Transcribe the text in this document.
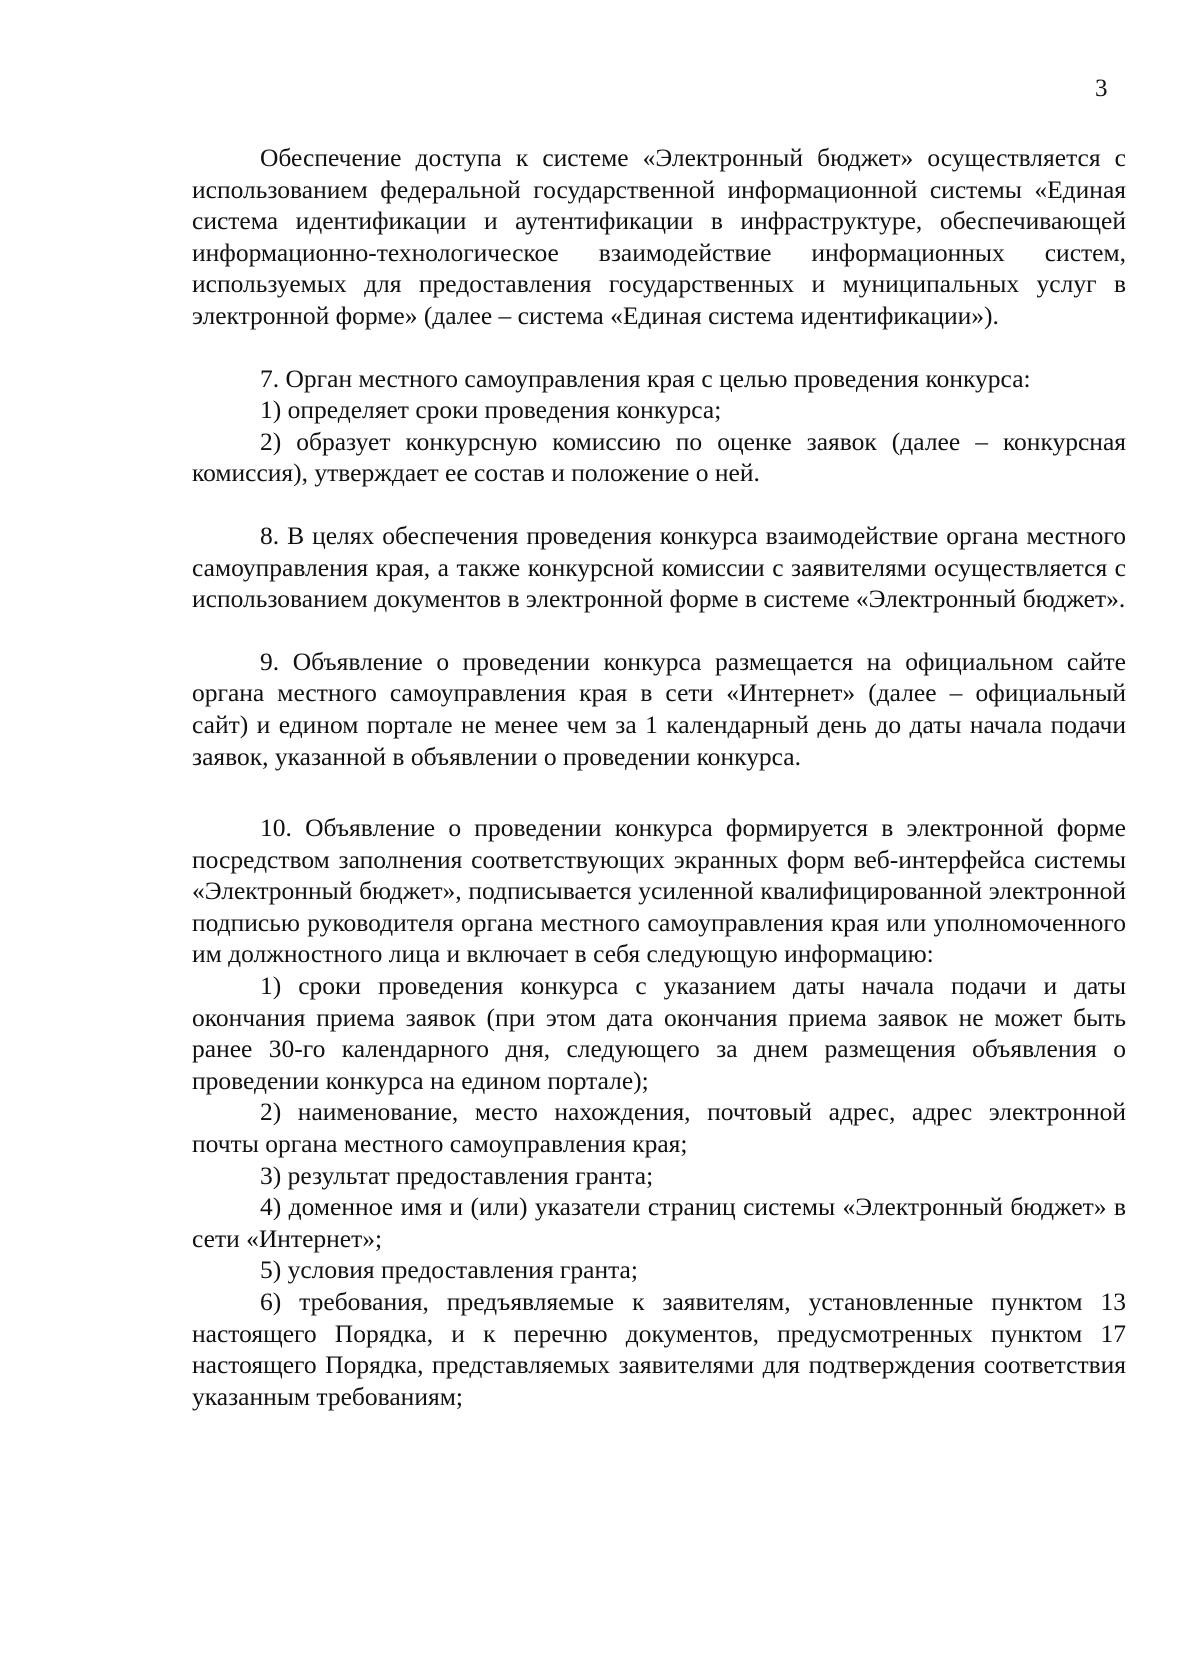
3

Обеспечение доступа к системе «Электронный бюджет» осуществляется с использованием федеральной государственной информационной системы «Единая система идентификации и аутентификации в инфраструктуре, обеспечивающей информационно-технологическое взаимодействие информационных систем, используемых для предоставления государственных и муниципальных услуг в электронной форме» (далее – система «Единая система идентификации»).

7. Орган местного самоуправления края с целью проведения конкурса:

1) определяет сроки проведения конкурса;

2) образует конкурсную комиссию по оценке заявок (далее – конкурсная комиссия), утверждает ее состав и положение о ней.

8. В целях обеспечения проведения конкурса взаимодействие органа местного самоуправления края, а также конкурсной комиссии с заявителями осуществляется с использованием документов в электронной форме в системе «Электронный бюджет».

9. Объявление о проведении конкурса размещается на официальном сайте органа местного самоуправления края в сети «Интернет» (далее – официальный сайт) и едином портале не менее чем за 1 календарный день до даты начала подачи заявок, указанной в объявлении о проведении конкурса.

10. Объявление о проведении конкурса формируется в электронной форме посредством заполнения соответствующих экранных форм веб-интерфейса системы «Электронный бюджет», подписывается усиленной квалифицированной электронной подписью руководителя органа местного самоуправления края или уполномоченного им должностного лица и включает в себя следующую информацию:

1) сроки проведения конкурса с указанием даты начала подачи и даты окончания приема заявок (при этом дата окончания приема заявок не может быть ранее 30-го календарного дня, следующего за днем размещения объявления о проведении конкурса на едином портале);

2) наименование, место нахождения, почтовый адрес, адрес электронной почты органа местного самоуправления края;

3) результат предоставления гранта;

4) доменное имя и (или) указатели страниц системы «Электронный бюджет» в сети «Интернет»;

5) условия предоставления гранта;

6) требования, предъявляемые к заявителям, установленные пунктом 13 настоящего Порядка, и к перечню документов, предусмотренных пунктом 17 настоящего Порядка, представляемых заявителями для подтверждения соответствия указанным требованиям;
